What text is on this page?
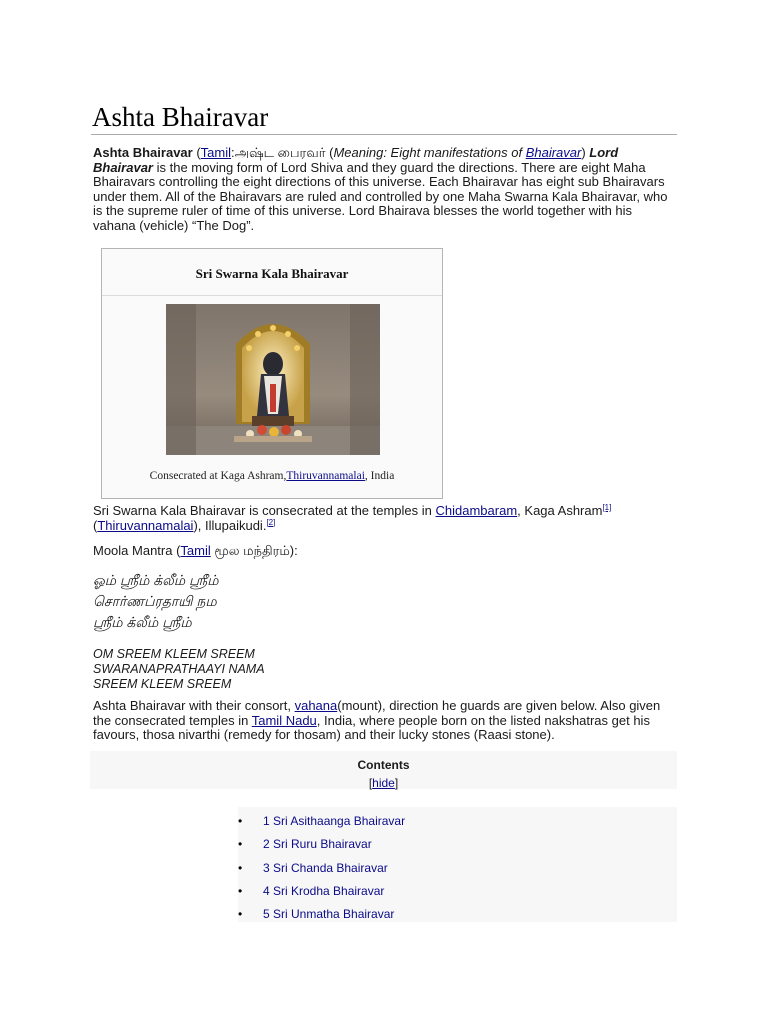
Ashta Bhairavar

Ashta Bhairavar (Tamil:அஷ்ட பைரவர் (Meaning: Eight manifestations of Bhairavar) Lord Bhairavar is the moving form of Lord Shiva and they guard the directions. There are eight Maha Bhairavars controlling the eight directions of this universe. Each Bhairavar has eight sub Bhairavars under them. All of the Bhairavars are ruled and controlled by one Maha Swarna Kala Bhairavar, who is the supreme ruler of time of this universe. Lord Bhairava blesses the world together with his vahana (vehicle) “The Dog”.

Sri Swarna Kala Bhairavar
Consecrated at Kaga Ashram,Thiruvannamalai, India

Sri Swarna Kala Bhairavar is consecrated at the temples in Chidambaram, Kaga Ashram[1](Thiruvannamalai), Illupaikudi.[2]

Moola Mantra (Tamil மூல மந்திரம்):

ஓம் ஸ்ரீம் க்லீம் ஸ்ரீம்

சொர்ணப்ரதாயி நம

ஸ்ரீம் க்லீம் ஸ்ரீம்

OM SREEM KLEEM SREEM

SWARANAPRATHAAYI NAMA

SREEM KLEEM SREEM

Ashta Bhairavar with their consort, vahana(mount), direction he guards are given below. Also given the consecrated temples in Tamil Nadu, India, where people born on the listed nakshatras get his favours, thosa nivarthi (remedy for thosam) and their lucky stones (Raasi stone).

Contents
[hide]
• 1 Sri Asithaanga Bhairavar
• 2 Sri Ruru Bhairavar
• 3 Sri Chanda Bhairavar
• 4 Sri Krodha Bhairavar
• 5 Sri Unmatha Bhairavar
